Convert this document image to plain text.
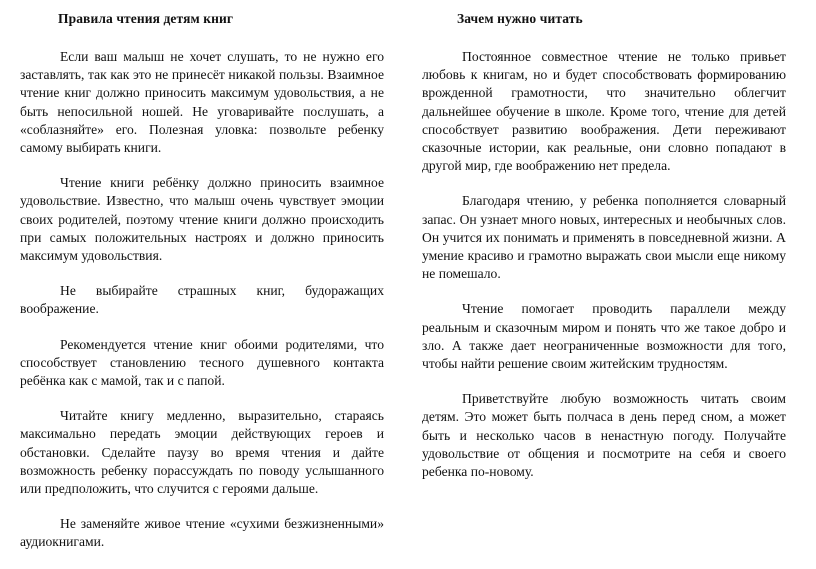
Правила чтения детям книг

Если ваш малыш не хочет слушать, то не нужно его заставлять, так как это не принесёт никакой пользы. Взаимное чтение книг должно приносить максимум удовольствия, а не быть непосильной ношей. Не уговаривайте послушать, а «соблазняйте» его. Полезная уловка: позвольте ребенку самому выбирать книги.

Чтение книги ребёнку должно приносить взаимное удовольствие. Известно, что малыш очень чувствует эмоции своих родителей, поэтому чтение книги должно происходить при самых положительных настроях и должно приносить максимум удовольствия.

Не выбирайте страшных книг, будоражащих воображение.

Рекомендуется чтение книг обоими родителями, что способствует становлению тесного душевного контакта ребёнка как с мамой, так и с папой.

Читайте книгу медленно, выразительно, стараясь максимально передать эмоции действующих героев и обстановки. Сделайте паузу во время чтения и дайте возможность ребенку порассуждать по поводу услышанного или предположить, что случится с героями дальше.

Не заменяйте живое чтение «сухими безжизненными» аудиокнигами.

Зачем нужно читать

Постоянное совместное чтение не только привьет любовь к книгам, но и будет способствовать формированию врожденной грамотности, что значительно облегчит дальнейшее обучение в школе. Кроме того, чтение для детей способствует развитию воображения. Дети переживают сказочные истории, как реальные, они словно попадают в другой мир, где воображению нет предела.

Благодаря чтению, у ребенка пополняется словарный запас. Он узнает много новых, интересных и необычных слов. Он учится их понимать и применять в повседневной жизни. А умение красиво и грамотно выражать свои мысли еще никому не помешало.

Чтение помогает проводить параллели между реальным и сказочным миром и понять что же такое добро и зло. А также дает неограниченные возможности для того, чтобы найти решение своим житейским трудностям.

Приветствуйте любую возможность читать своим детям. Это может быть полчаса в день перед сном, а может быть и несколько часов в ненастную погоду. Получайте удовольствие от общения и посмотрите на себя и своего ребенка по-новому.
